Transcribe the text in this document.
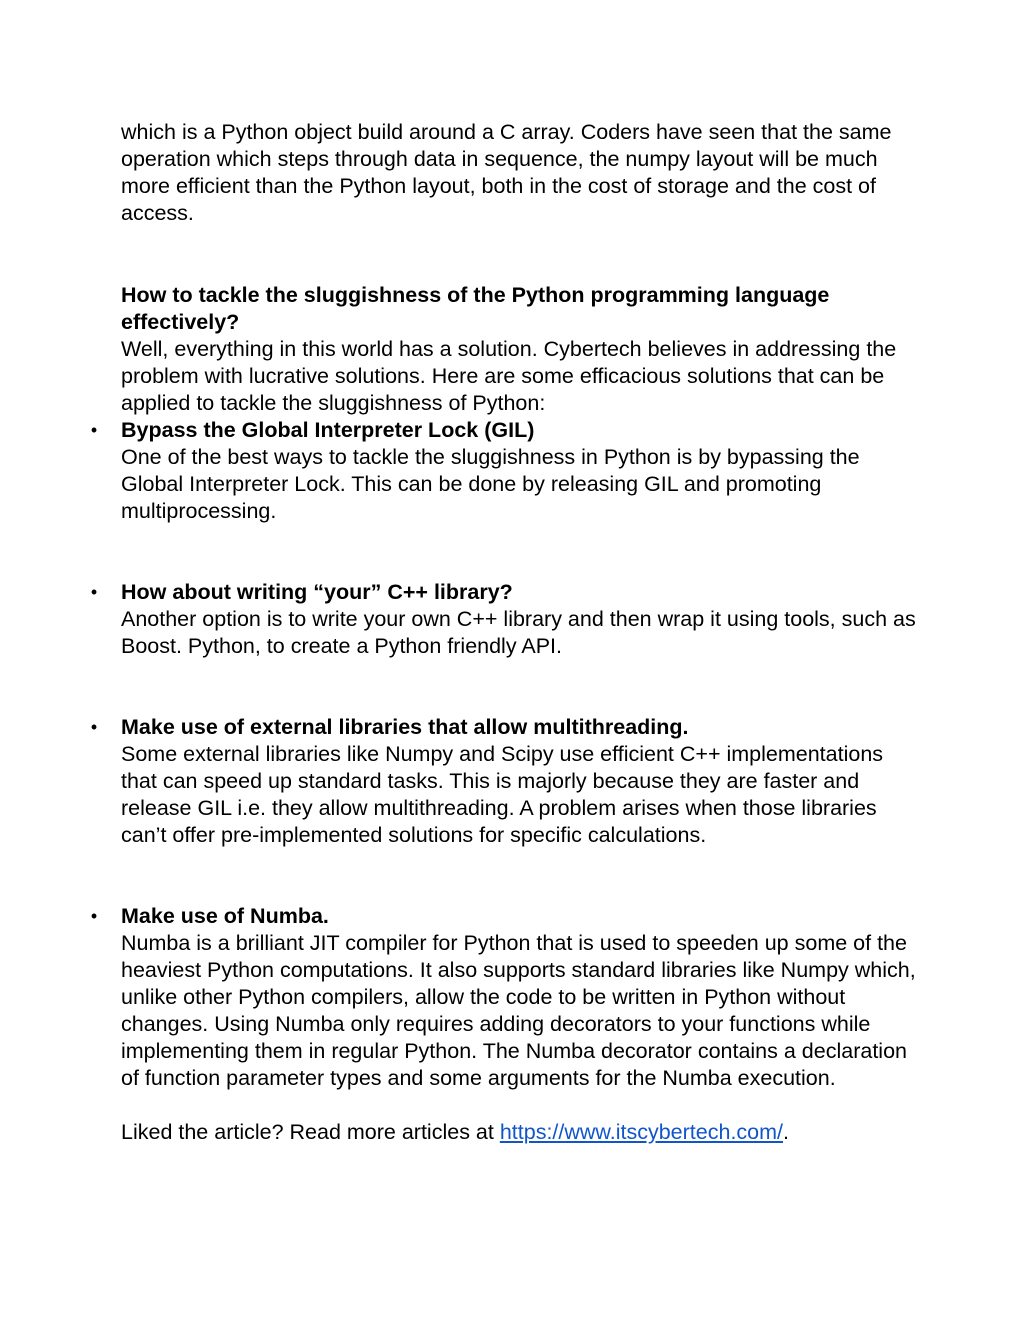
which is a Python object build around a C array. Coders have seen that the same operation which steps through data in sequence, the numpy layout will be much more efficient than the Python layout, both in the cost of storage and the cost of access.

How to tackle the sluggishness of the Python programming language effectively?

Well, everything in this world has a solution. Cybertech believes in addressing the problem with lucrative solutions. Here are some efficacious solutions that can be applied to tackle the sluggishness of Python:

• Bypass the Global Interpreter Lock (GIL)
One of the best ways to tackle the sluggishness in Python is by bypassing the Global Interpreter Lock. This can be done by releasing GIL and promoting multiprocessing.
• How about writing “your” C++ library?
Another option is to write your own C++ library and then wrap it using tools, such as Boost. Python, to create a Python friendly API.
• Make use of external libraries that allow multithreading.
Some external libraries like Numpy and Scipy use efficient C++ implementations that can speed up standard tasks. This is majorly because they are faster and release GIL i.e. they allow multithreading. A problem arises when those libraries can’t offer pre-implemented solutions for specific calculations.
• Make use of Numba.
Numba is a brilliant JIT compiler for Python that is used to speeden up some of the heaviest Python computations. It also supports standard libraries like Numpy which, unlike other Python compilers, allow the code to be written in Python without changes. Using Numba only requires adding decorators to your functions while implementing them in regular Python. The Numba decorator contains a declaration of function parameter types and some arguments for the Numba execution.

Liked the article? Read more articles at https://www.itscybertech.com/.
